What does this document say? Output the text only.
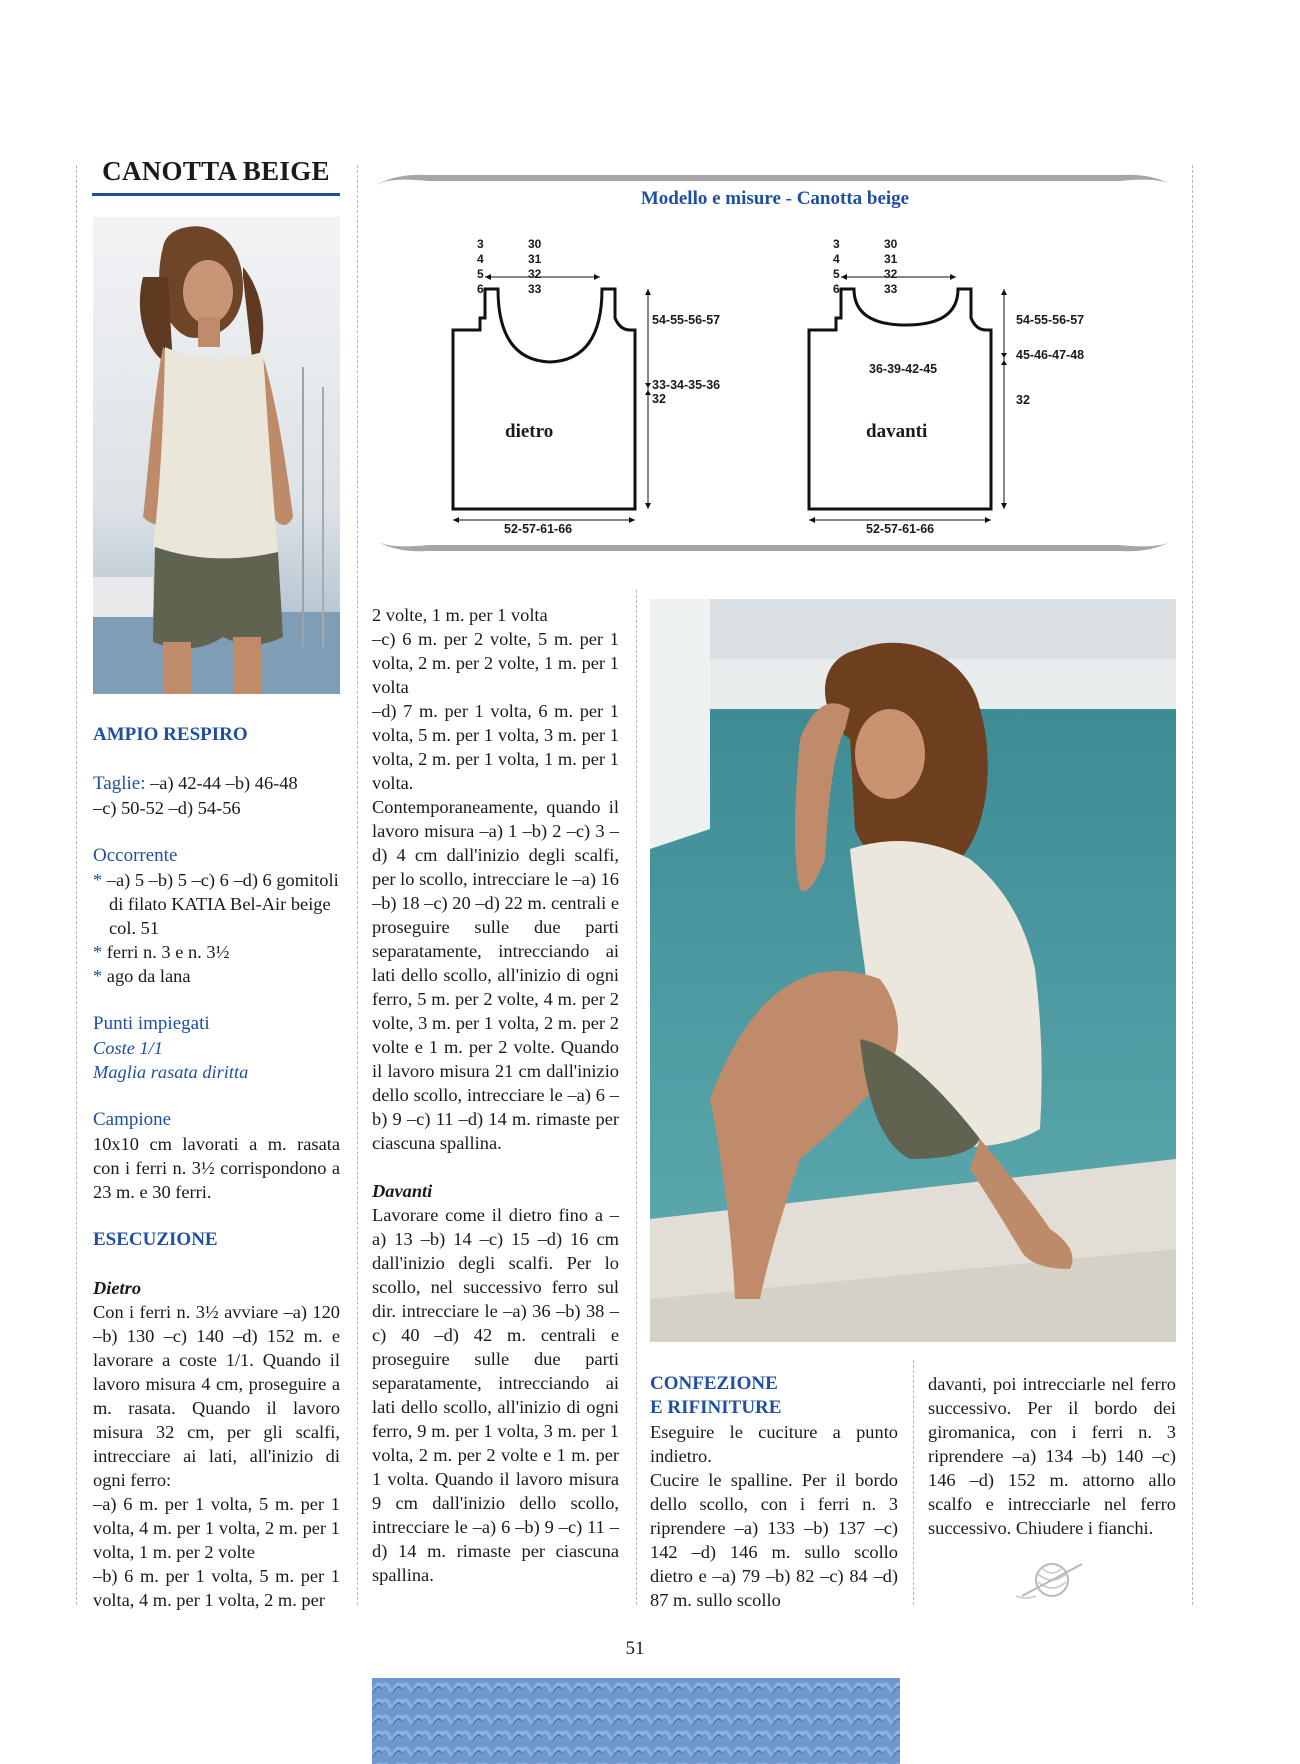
CANOTTA BEIGE
Modello e misure - Canotta beige
3
4
5
6
30
31
32
33
54-55-56-57
33-34-35-36
32
dietro
52-57-61-66
3
4
5
6
30
31
32
33
36-39-42-45
54-55-56-57
45-46-47-48
32
davanti
52-57-61-66

AMPIO RESPIRO

Taglie: –a) 42-44 –b) 46-48

–c) 50-52 –d) 54-56

Occorrente

* –a) 5 –b) 5 –c) 6 –d) 6 gomitoli di filato KATIA Bel-Air beige col. 51

* ferri n. 3 e n. 3½

* ago da lana

Punti impiegati

Coste 1/1

Maglia rasata diritta

Campione

10x10 cm lavorati a m. rasata con i ferri n. 3½ corrispondono a 23 m. e 30 ferri.

ESECUZIONE

Dietro

Con i ferri n. 3½ avviare –a) 120 –b) 130 –c) 140 –d) 152 m. e lavorare a coste 1/1. Quando il lavoro misura 4 cm, proseguire a m. rasata. Quando il lavoro misura 32 cm, per gli scalfi, intrecciare ai lati, all'inizio di ogni ferro:

–a) 6 m. per 1 volta, 5 m. per 1 volta, 4 m. per 1 volta, 2 m. per 1 volta, 1 m. per 2 volte

–b) 6 m. per 1 volta, 5 m. per 1 volta, 4 m. per 1 volta, 2 m. per

2 volte, 1 m. per 1 volta

–c) 6 m. per 2 volte, 5 m. per 1 volta, 2 m. per 2 volte, 1 m. per 1 volta

–d) 7 m. per 1 volta, 6 m. per 1 volta, 5 m. per 1 volta, 3 m. per 1 volta, 2 m. per 1 volta, 1 m. per 1 volta.

Contemporaneamente, quando il lavoro misura –a) 1 –b) 2 –c) 3 –d) 4 cm dall'inizio degli scalfi, per lo scollo, intrecciare le –a) 16 –b) 18 –c) 20 –d) 22 m. centrali e proseguire sulle due parti separatamente, intrecciando ai lati dello scollo, all'inizio di ogni ferro, 5 m. per 2 volte, 4 m. per 2 volte, 3 m. per 1 volta, 2 m. per 2 volte e 1 m. per 2 volte. Quando il lavoro misura 21 cm dall'inizio dello scollo, intrecciare le –a) 6 –b) 9 –c) 11 –d) 14 m. rimaste per ciascuna spallina.

Davanti

Lavorare come il dietro fino a –a) 13 –b) 14 –c) 15 –d) 16 cm dall'inizio degli scalfi. Per lo scollo, nel successivo ferro sul dir. intrecciare le –a) 36 –b) 38 –c) 40 –d) 42 m. centrali e proseguire sulle due parti separatamente, intrecciando ai lati dello scollo, all'inizio di ogni ferro, 9 m. per 1 volta, 3 m. per 1 volta, 2 m. per 2 volte e 1 m. per 1 volta. Quando il lavoro misura 9 cm dall'inizio dello scollo, intrecciare le –a) 6 –b) 9 –c) 11 –d) 14 m. rimaste per ciascuna spallina.

CONFEZIONE

E RIFINITURE

Eseguire le cuciture a punto indietro.

Cucire le spalline. Per il bordo dello scollo, con i ferri n. 3 riprendere –a) 133 –b) 137 –c) 142 –d) 146 m. sullo scollo dietro e –a) 79 –b) 82 –c) 84 –d) 87 m. sullo scollo

davanti, poi intrecciarle nel ferro successivo. Per il bordo dei giromanica, con i ferri n. 3 riprendere –a) 134 –b) 140 –c) 146 –d) 152 m. attorno allo scalfo e intrecciarle nel ferro successivo. Chiudere i fianchi.

51
